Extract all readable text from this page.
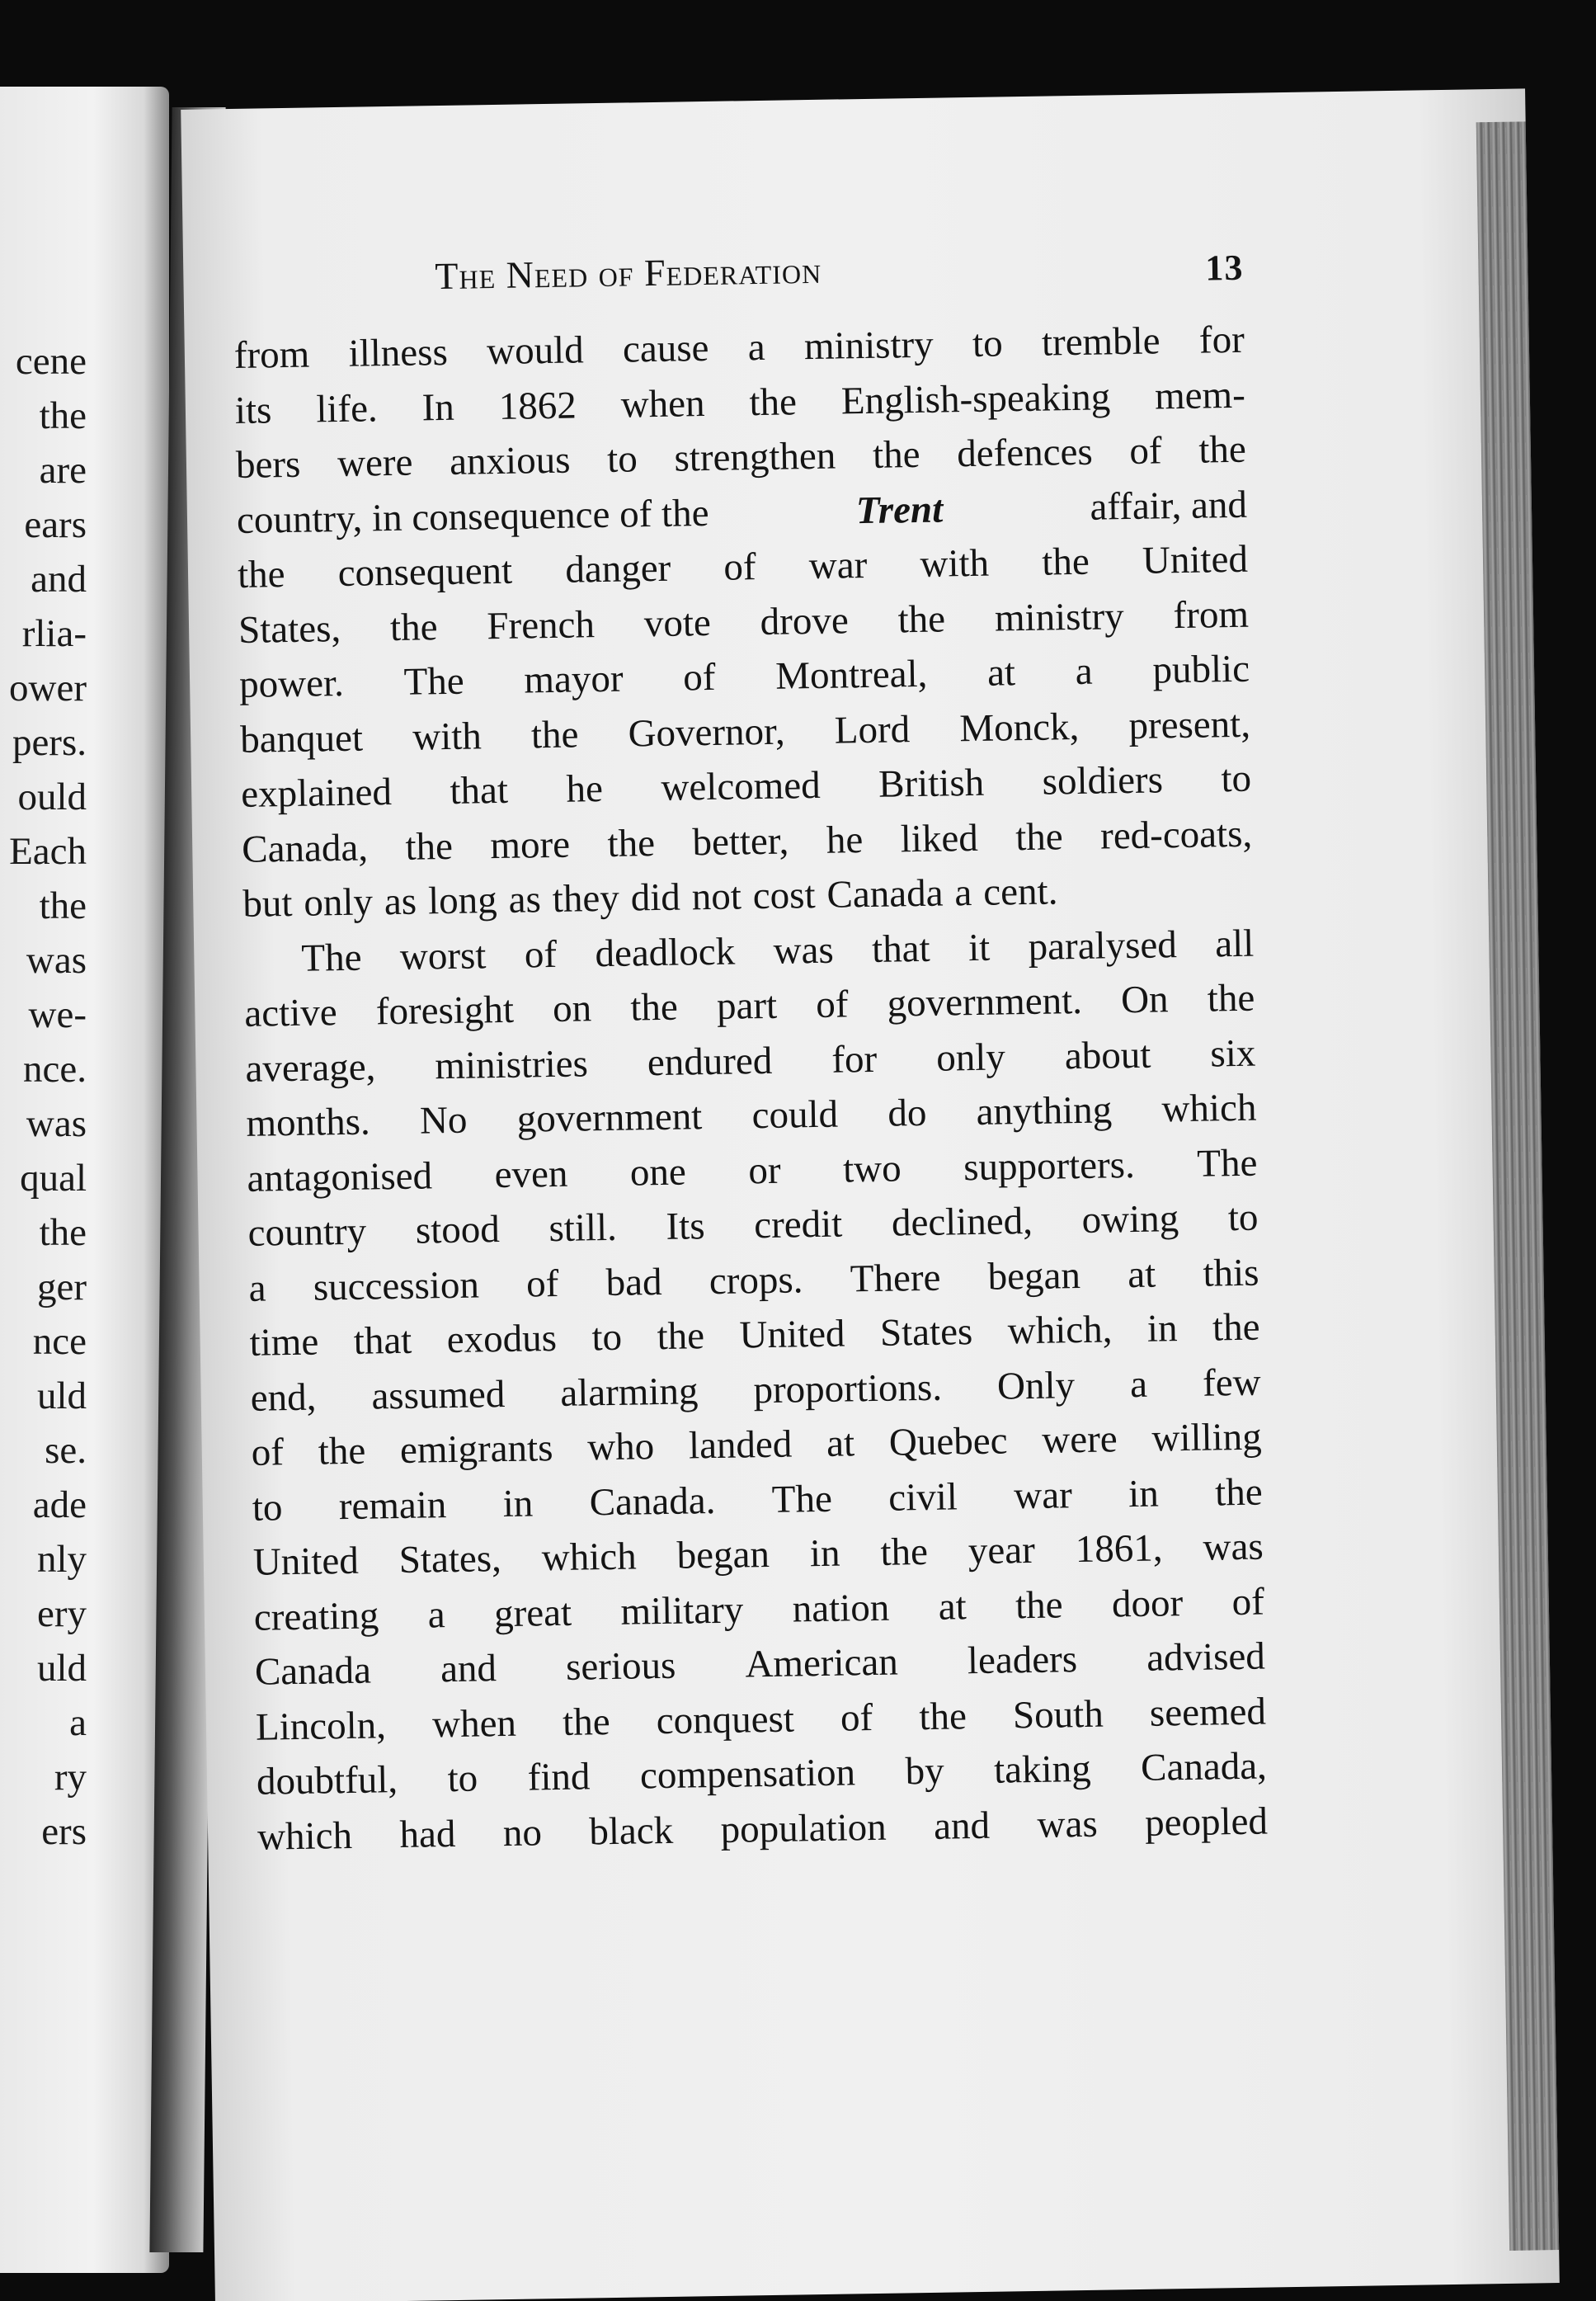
cene
the
are
ears
and
rlia-
ower
pers.
ould
Each
the
was
we-
nce.
was
qual
the
ger
nce
uld
se.
ade
nly
ery
uld
a
ry
ers
The Need of Federation	13
from illness would cause a ministry to tremble for
its life. In 1862 when the English-speaking mem-
bers were anxious to strengthen the defences of the
country, in consequence of the	Trent	affair, and
the consequent danger of war with the United
States, the French vote drove the ministry from
power. The mayor of Montreal, at a public
banquet with the Governor, Lord Monck, present,
explained that he welcomed British soldiers to
Canada, the more the better, he liked the red-coats,
but only as long as they did not cost Canada a cent.
The worst of deadlock was that it paralysed all
active foresight on the part of government. On the
average, ministries endured for only about six
months. No government could do anything which
antagonised even one or two supporters. The
country stood still. Its credit declined, owing to
a succession of bad crops. There began at this
time that exodus to the United States which, in the
end, assumed alarming proportions. Only a few
of the emigrants who landed at Quebec were willing
to remain in Canada. The civil war in the
United States, which began in the year 1861, was
creating a great military nation at the door of
Canada and serious American leaders advised
Lincoln, when the conquest of the South seemed
doubtful, to find compensation by taking Canada,
which had no black population and was peopled
